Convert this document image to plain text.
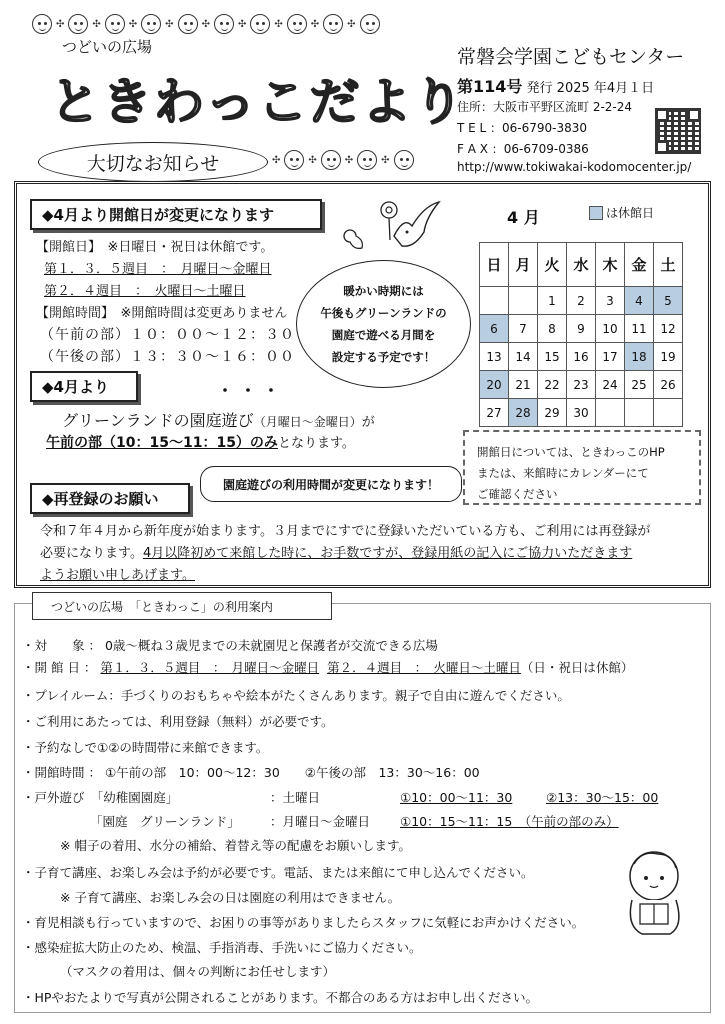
✣	✣	✣	✣	✣	✣	✣	✣	✣
つどいの広場
ときわっこだより
常磐会学園こどもセンター
第114号 発行 2025 年4月１日
住所：大阪市平野区流町 2-2-24
T E L ：06-6790-3830
F A X ：06-6709-0386
http://www.tokiwakai-kodomocenter.jp/
大切なお知らせ	✣	✣	✣	✣
◆4月より開館日が変更になります
【開館日】　※日曜日・祝日は休館です。
第１．３．５週目　：　月曜日～金曜日
第２．４週目　：　火曜日～土曜日
【開館時間】　※開館時間は変更ありません
（午前の部）１０：００～１２：３０
（午後の部）１３：３０～１６：００
暖かい時期には
午後もグリーンランドの
園庭で遊べる月間を
設定する予定です！
・・・
◆4月より
グリーンランドの園庭遊び（月曜日～金曜日）が
午前の部（10：15～11：15）のみとなります。
園庭遊びの利用時間が変更になります！
4 月	は休館日
日	月	火	水	木	金	土
		1	2	3	4	5
6	7	8	9	10	11	12
13	14	15	16	17	18	19
20	21	22	23	24	25	26
27	28	29	30			
開館日については、ときわっこのHP
または、来館時にカレンダーにて
ご確認ください
◆再登録のお願い
令和７年４月から新年度が始まります。３月までにすでに登録いただいている方も、ご利用には再登録が
必要になります。4月以降初めて来館した時に、お手数ですが、登録用紙の記入にご協力いただきます
ようお願い申しあげます。
つどいの広場　「ときわっこ」の利用案内
・対　　象 ： 0歳～概ね３歳児までの未就園児と保護者が交流できる広場
・開 館 日 ： 第１．３．５週目　：　月曜日～金曜日 第２．４週目　：　火曜日～土曜日（日・祝日は休館）
・プレイルーム：手づくりのおもちゃや絵本がたくさんあります。親子で自由に遊んでください。
・ご利用にあたっては、利用登録（無料）が必要です。
・予約なしで①②の時間帯に来館できます。
・開館時間 ： ①午前の部　10：00～12：30　　②午後の部　13：30～16：00
・戸外遊び　「幼稚園園庭」	：土曜日	①10：00～11：30	②13：30～15：00
「園庭　グリーンランド」 ：月曜日～金曜日 ①10：15～11：15　（午前の部のみ）
※ 帽子の着用、水分の補給、着替え等の配慮をお願いします。
・子育て講座、お楽しみ会は予約が必要です。電話、または来館にて申し込んでください。
※ 子育て講座、お楽しみ会の日は園庭の利用はできません。
・育児相談も行っていますので、お困りの事等がありましたらスタッフに気軽にお声かけください。
・感染症拡大防止のため、検温、手指消毒、手洗いにご協力ください。
（マスクの着用は、個々の判断にお任せします）
・HPやおたよりで写真が公開されることがあります。不都合のある方はお申し出ください。
